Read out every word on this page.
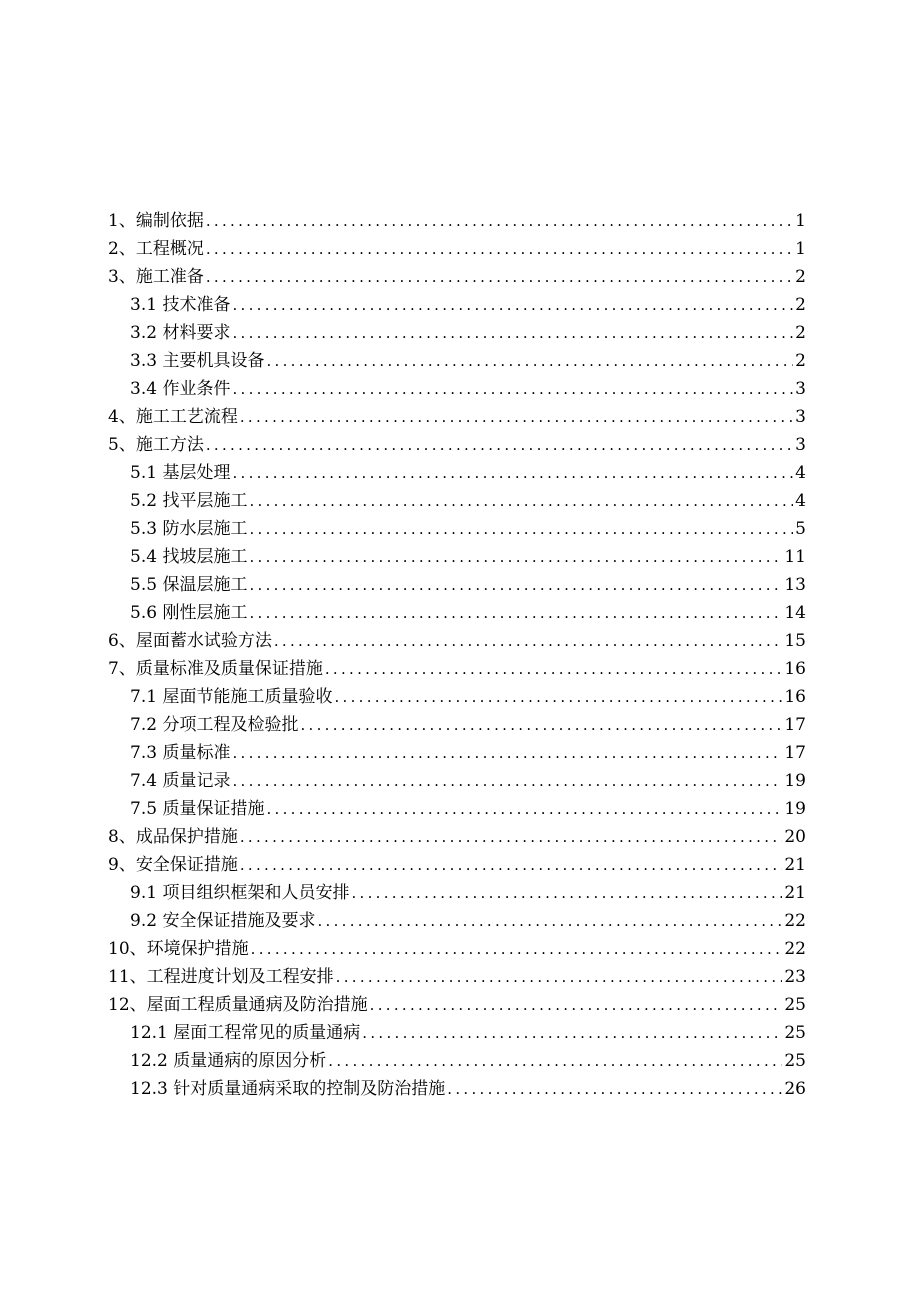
1、编制依据 .....	1
2、工程概况 .....	1
3、施工准备 .....	2
3.1 技术准备 .....	2
3.2 材料要求 .....	2
3.3 主要机具设备 .....	2
3.4 作业条件 .....	3
4、施工工艺流程 .....	3
5、施工方法 .....	3
5.1 基层处理 .....	4
5.2 找平层施工 .....	4
5.3 防水层施工 .....	5
5.4 找坡层施工 .....	11
5.5 保温层施工 .....	13
5.6 刚性层施工 .....	14
6、屋面蓄水试验方法 .....	15
7、质量标准及质量保证措施 .....	16
7.1 屋面节能施工质量验收 .....	16
7.2 分项工程及检验批 .....	17
7.3 质量标准 .....	17
7.4 质量记录 .....	19
7.5 质量保证措施 .....	19
8、成品保护措施 .....	20
9、安全保证措施 .....	21
9.1 项目组织框架和人员安排 .....	21
9.2 安全保证措施及要求 .....	22
10、环境保护措施 .....	22
11、工程进度计划及工程安排 .....	23
12、屋面工程质量通病及防治措施 .....	25
12.1 屋面工程常见的质量通病 .....	25
12.2 质量通病的原因分析 .....	25
12.3 针对质量通病采取的控制及防治措施 .....	26
